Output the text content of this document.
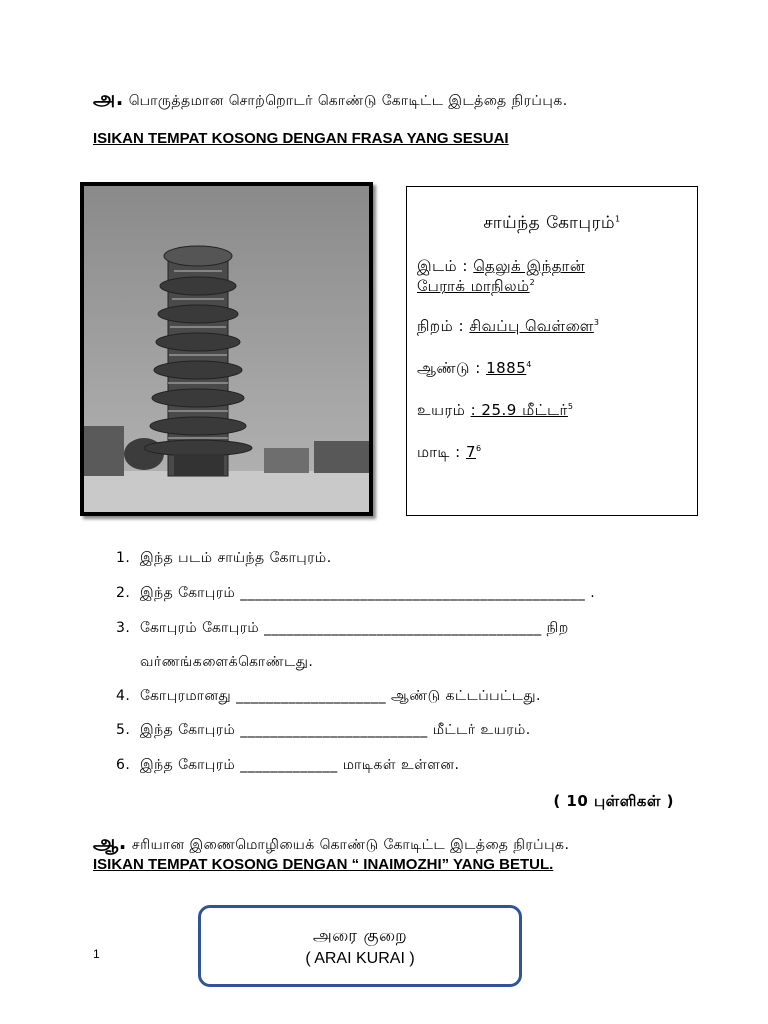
அ. பொருத்தமான சொற்றொடர் கொண்டு கோடிட்ட இடத்தை நிரப்புக.
ISIKAN TEMPAT KOSONG DENGAN FRASA YANG SESUAI
சாய்ந்த கோபுரம்$^1$
இடம் : தெலுக் இந்தான்
பேராக் மாநிலம்$^2$
நிறம் : சிவப்பு வெள்ளை$^3$
ஆண்டு : 1885$^4$
உயரம் : 25.9 மீட்டர்$^5$
மாடி : $7^6$
1. இந்த படம் சாய்ந்த கோபுரம்.
2. இந்த கோபுரம் ______________________________________________ .
3. கோபுரம் கோபுரம் _____________________________________ நிற
வர்ணங்களைக்கொண்டது.
4. கோபுரமானது ____________________ ஆண்டு கட்டப்பட்டது.
5. இந்த கோபுரம் _________________________ மீட்டர் உயரம்.
6. இந்த கோபுரம் _____________ மாடிகள் உள்ளன.
( 10 புள்ளிகள் )
ஆ. சரியான இணைமொழியைக் கொண்டு கோடிட்ட இடத்தை நிரப்புக.
ISIKAN TEMPAT KOSONG DENGAN “ INAIMOZHI” YANG BETUL.
அரை குறை
( ARAI KURAI )
1
